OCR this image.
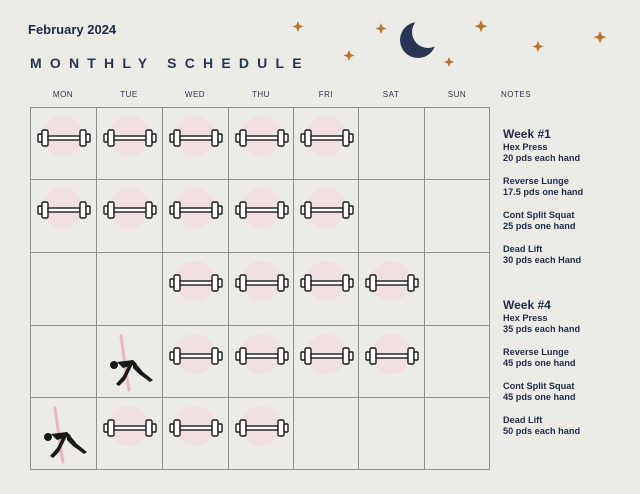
February 2024
MONTHLY SCHEDULE
MON	TUE	WED	THU	FRI	SAT	SUN	NOTES
Week #1
Hex Press
20 pds each hand
Reverse Lunge
17.5 pds one hand
Cont Split Squat
25 pds one hand
Dead Lift
30 pds each Hand
Week #4
Hex Press
35 pds each hand
Reverse Lunge
45 pds one hand
Cont Split Squat
45 pds one hand
Dead Lift
50 pds each hand
